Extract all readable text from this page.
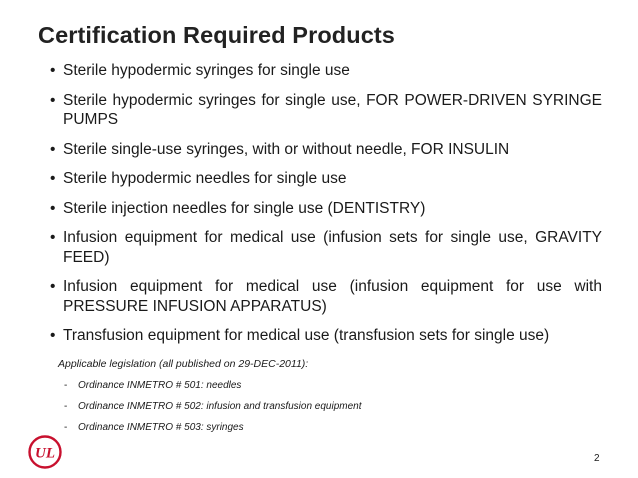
Certification Required Products
• Sterile hypodermic syringes for single use
• Sterile hypodermic syringes for single use, FOR POWER-DRIVEN SYRINGE PUMPS
• Sterile single-use syringes, with or without needle, FOR INSULIN
• Sterile hypodermic needles for single use
• Sterile injection needles for single use (DENTISTRY)
• Infusion equipment for medical use (infusion sets for single use, GRAVITY FEED)
• Infusion equipment for medical use (infusion equipment for use with PRESSURE INFUSION APPARATUS)
• Transfusion equipment for medical use (transfusion sets for single use)

Applicable legislation (all published on 29-DEC-2011):

- Ordinance INMETRO # 501: needles
- Ordinance INMETRO # 502: infusion and transfusion equipment
- Ordinance INMETRO # 503: syringes
UL	2
